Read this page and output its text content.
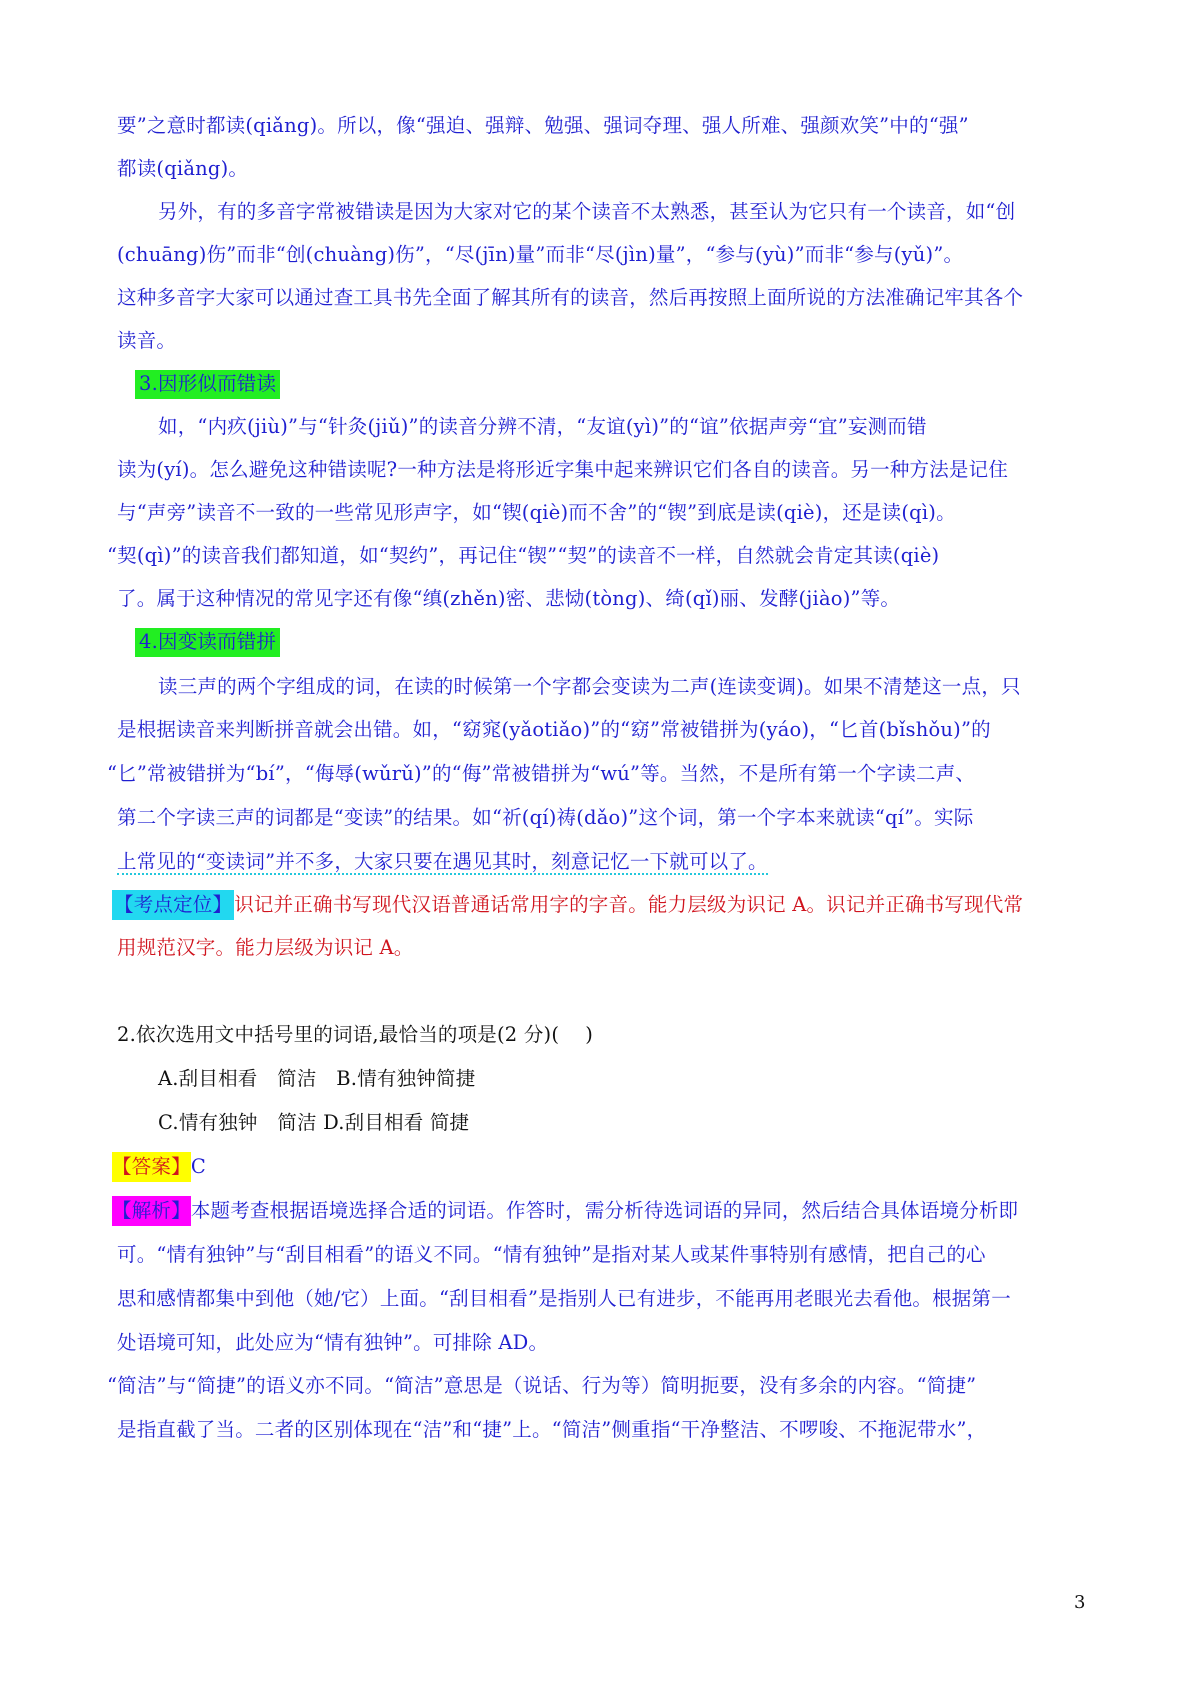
要”之意时都读(qiǎng)。所以，像“强迫、强辩、勉强、强词夺理、强人所难、强颜欢笑”中的“强”
都读(qiǎng)。
另外，有的多音字常被错读是因为大家对它的某个读音不太熟悉，甚至认为它只有一个读音，如“创
(chuāng)伤”而非“创(chuàng)伤”，“尽(jīn)量”而非“尽(jìn)量”，“参与(yù)”而非“参与(yǔ)”。
这种多音字大家可以通过查工具书先全面了解其所有的读音，然后再按照上面所说的方法准确记牢其各个
读音。
3.因形似而错读
如，“内疚(jiù)”与“针灸(jiǔ)”的读音分辨不清，“友谊(yì)”的“谊”依据声旁“宜”妄测而错
读为(yí)。怎么避免这种错读呢?一种方法是将形近字集中起来辨识它们各自的读音。另一种方法是记住
与“声旁”读音不一致的一些常见形声字，如“锲(qiè)而不舍”的“锲”到底是读(qiè)，还是读(qì)。
“契(qì)”的读音我们都知道，如“契约”，再记住“锲”“契”的读音不一样，自然就会肯定其读(qiè)
了。属于这种情况的常见字还有像“缜(zhěn)密、悲恸(tòng)、绮(qǐ)丽、发酵(jiào)”等。
4.因变读而错拼
读三声的两个字组成的词，在读的时候第一个字都会变读为二声(连读变调)。如果不清楚这一点，只
是根据读音来判断拼音就会出错。如，“窈窕(yǎotiǎo)”的“窈”常被错拼为(yáo)，“匕首(bǐshǒu)”的
“匕”常被错拼为“bí”，“侮辱(wǔrǔ)”的“侮”常被错拼为“wú”等。当然，不是所有第一个字读二声、
第二个字读三声的词都是“变读”的结果。如“祈(qí)祷(dǎo)”这个词，第一个字本来就读“qí”。实际
上常见的“变读词”并不多，大家只要在遇见其时，刻意记忆一下就可以了。
【考点定位】 识记并正确书写现代汉语普通话常用字的字音。能力层级为识记 A。识记并正确书写现代常
用规范汉字。能力层级为识记 A。
2.依次选用文中括号里的词语,最恰当的项是(2 分)(　 )
A.刮目相看　简洁　B.情有独钟简捷
C.情有独钟　简洁 D.刮目相看 简捷
【答案】C
【解析】本题考查根据语境选择合适的词语。作答时，需分析待选词语的异同，然后结合具体语境分析即
可。“情有独钟”与“刮目相看”的语义不同。“情有独钟”是指对某人或某件事特别有感情，把自己的心
思和感情都集中到他（她/它）上面。“刮目相看”是指别人已有进步，不能再用老眼光去看他。根据第一
处语境可知，此处应为“情有独钟”。可排除 AD。
“简洁”与“简捷”的语义亦不同。“简洁”意思是（说话、行为等）简明扼要，没有多余的内容。“简捷”
是指直截了当。二者的区别体现在“洁”和“捷”上。“简洁”侧重指“干净整洁、不啰唆、不拖泥带水”，
3
